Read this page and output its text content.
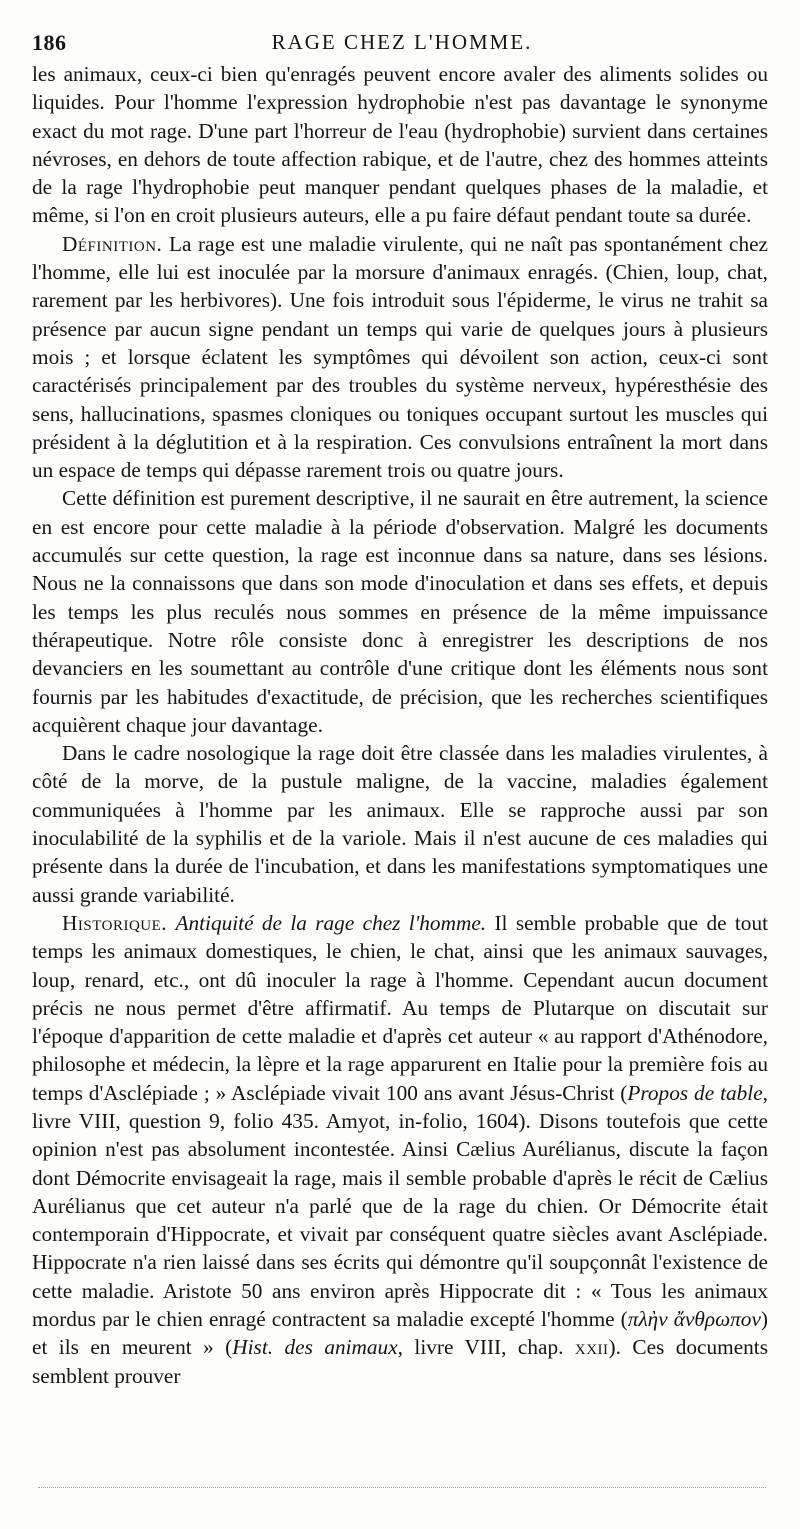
186	RAGE CHEZ L'HOMME.

les animaux, ceux-ci bien qu'enragés peuvent encore avaler des aliments solides ou liquides. Pour l'homme l'expression hydrophobie n'est pas davantage le synonyme exact du mot rage. D'une part l'horreur de l'eau (hydrophobie) survient dans certaines névroses, en dehors de toute affection rabique, et de l'autre, chez des hommes atteints de la rage l'hydrophobie peut manquer pendant quelques phases de la maladie, et même, si l'on en croit plusieurs auteurs, elle a pu faire défaut pendant toute sa durée.

Définition. La rage est une maladie virulente, qui ne naît pas spontanément chez l'homme, elle lui est inoculée par la morsure d'animaux enragés. (Chien, loup, chat, rarement par les herbivores). Une fois introduit sous l'épiderme, le virus ne trahit sa présence par aucun signe pendant un temps qui varie de quelques jours à plusieurs mois ; et lorsque éclatent les symptômes qui dévoilent son action, ceux-ci sont caractérisés principalement par des troubles du système nerveux, hypéresthésie des sens, hallucinations, spasmes cloniques ou toniques occupant surtout les muscles qui président à la déglutition et à la respiration. Ces convulsions entraînent la mort dans un espace de temps qui dépasse rarement trois ou quatre jours.

Cette définition est purement descriptive, il ne saurait en être autrement, la science en est encore pour cette maladie à la période d'observation. Malgré les documents accumulés sur cette question, la rage est inconnue dans sa nature, dans ses lésions. Nous ne la connaissons que dans son mode d'inoculation et dans ses effets, et depuis les temps les plus reculés nous sommes en présence de la même impuissance thérapeutique. Notre rôle consiste donc à enregistrer les descriptions de nos devanciers en les soumettant au contrôle d'une critique dont les éléments nous sont fournis par les habitudes d'exactitude, de précision, que les recherches scientifiques acquièrent chaque jour davantage.

Dans le cadre nosologique la rage doit être classée dans les maladies virulentes, à côté de la morve, de la pustule maligne, de la vaccine, maladies également communiquées à l'homme par les animaux. Elle se rapproche aussi par son inoculabilité de la syphilis et de la variole. Mais il n'est aucune de ces maladies qui présente dans la durée de l'incubation, et dans les manifestations symptomatiques une aussi grande variabilité.

Historique. Antiquité de la rage chez l'homme. Il semble probable que de tout temps les animaux domestiques, le chien, le chat, ainsi que les animaux sauvages, loup, renard, etc., ont dû inoculer la rage à l'homme. Cependant aucun document précis ne nous permet d'être affirmatif. Au temps de Plutarque on discutait sur l'époque d'apparition de cette maladie et d'après cet auteur « au rapport d'Athénodore, philosophe et médecin, la lèpre et la rage apparurent en Italie pour la première fois au temps d'Asclépiade ; » Asclépiade vivait 100 ans avant Jésus-Christ (Propos de table, livre VIII, question 9, folio 435. Amyot, in-folio, 1604). Disons toutefois que cette opinion n'est pas absolument incontestée. Ainsi Cælius Aurélianus, discute la façon dont Démocrite envisageait la rage, mais il semble probable d'après le récit de Cælius Aurélianus que cet auteur n'a parlé que de la rage du chien. Or Démocrite était contemporain d'Hippocrate, et vivait par conséquent quatre siècles avant Asclépiade. Hippocrate n'a rien laissé dans ses écrits qui démontre qu'il soupçonnât l'existence de cette maladie. Aristote 50 ans environ après Hippocrate dit : « Tous les animaux mordus par le chien enragé contractent sa maladie excepté l'homme (πλὴν ἄνθρωπον) et ils en meurent » (Hist. des animaux, livre VIII, chap. xxii). Ces documents semblent prouver
